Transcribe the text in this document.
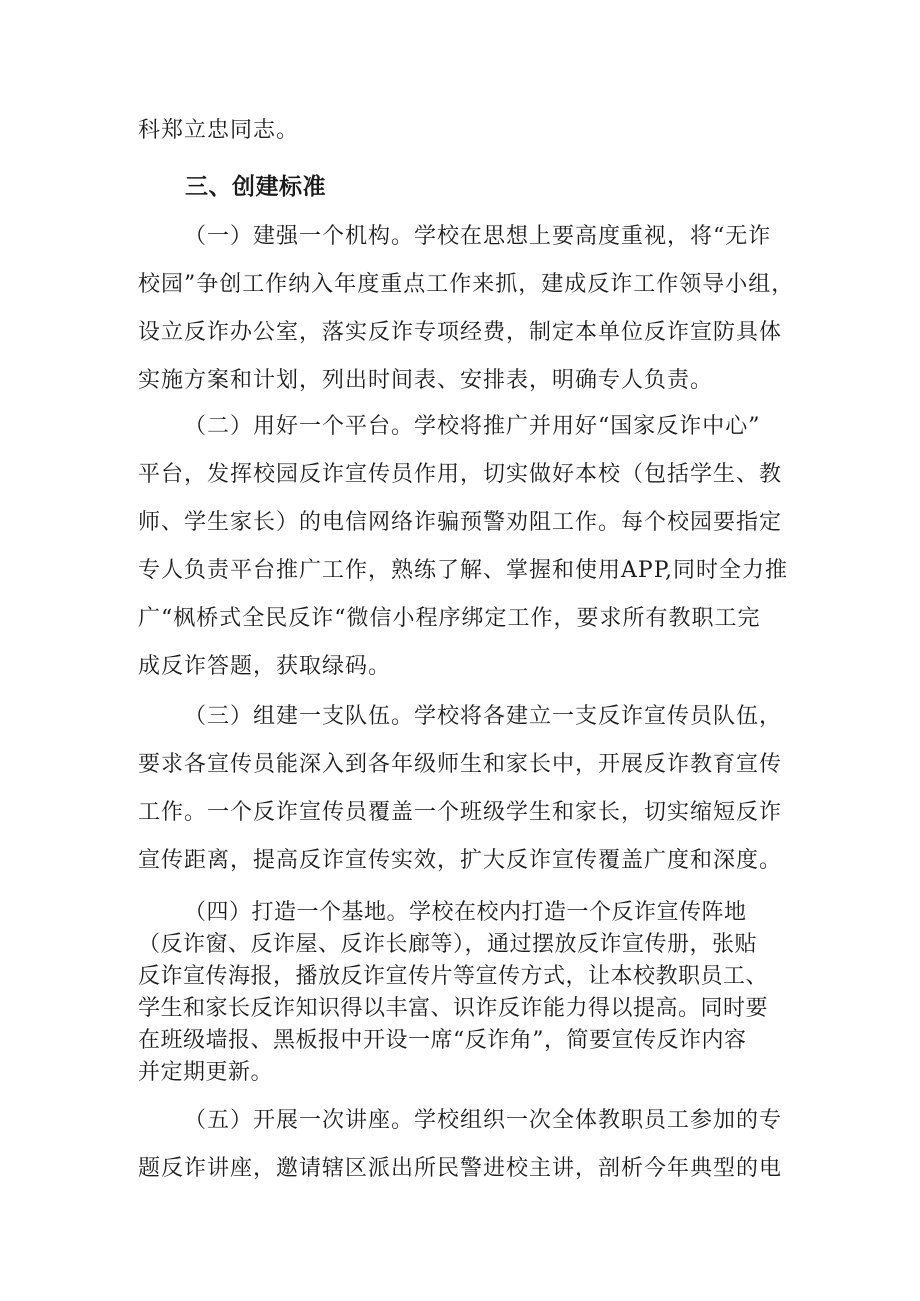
科郑立忠同志。

三、创建标准

（一）建强一个机构。学校在思想上要高度重视，将“无诈

校园”争创工作纳入年度重点工作来抓，建成反诈工作领导小组，

设立反诈办公室，落实反诈专项经费，制定本单位反诈宣防具体

实施方案和计划，列出时间表、安排表，明确专人负责。

（二）用好一个平台。学校将推广并用好“国家反诈中心”

平台，发挥校园反诈宣传员作用，切实做好本校（包括学生、教

师、学生家长）的电信网络诈骗预警劝阻工作。每个校园要指定

专人负责平台推广工作，熟练了解、掌握和使用APP,同时全力推

广“枫桥式全民反诈“微信小程序绑定工作，要求所有教职工完

成反诈答题，获取绿码。

（三）组建一支队伍。学校将各建立一支反诈宣传员队伍，

要求各宣传员能深入到各年级师生和家长中，开展反诈教育宣传

工作。一个反诈宣传员覆盖一个班级学生和家长，切实缩短反诈

宣传距离，提高反诈宣传实效，扩大反诈宣传覆盖广度和深度。

（四）打造一个基地。学校在校内打造一个反诈宣传阵地

（反诈窗、反诈屋、反诈长廊等），通过摆放反诈宣传册，张贴

反诈宣传海报，播放反诈宣传片等宣传方式，让本校教职员工、

学生和家长反诈知识得以丰富、识诈反诈能力得以提高。同时要

在班级墙报、黑板报中开设一席“反诈角”，简要宣传反诈内容

并定期更新。

（五）开展一次讲座。学校组织一次全体教职员工参加的专

题反诈讲座，邀请辖区派出所民警进校主讲，剖析今年典型的电
